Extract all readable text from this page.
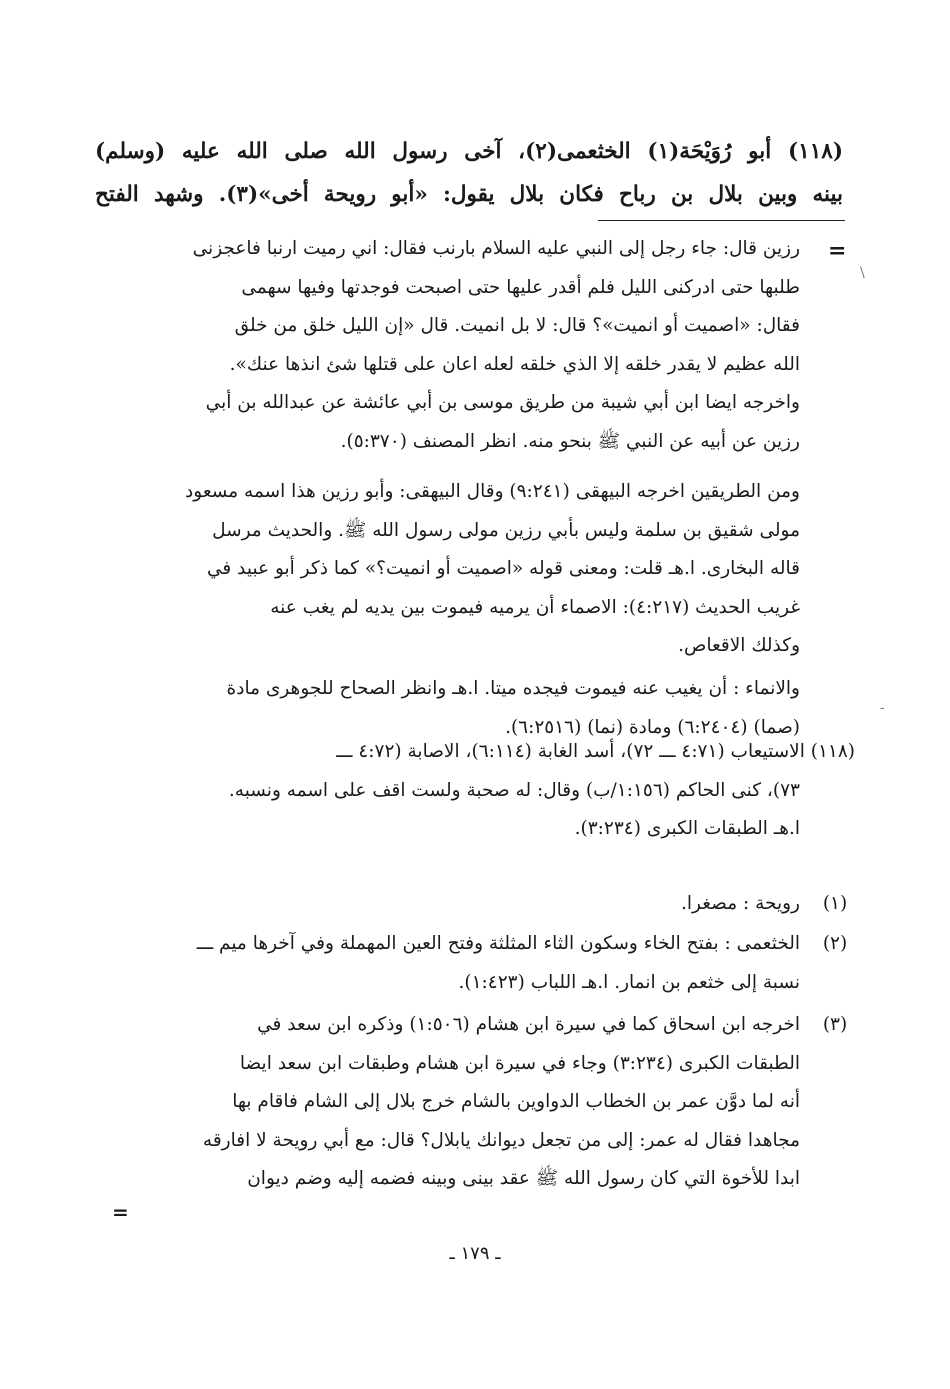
(١١٨) أبو رُوَيْحَة(١) الخثعمى(٢)، آخى رسول الله صلى الله عليه (وسلم)
بينه وبين بلال بن رباح فكان بلال يقول: «أبو رويحة أخى»(٣). وشهد الفتح
=
\
-
رزين قال: جاء رجل إلى النبي عليه السلام بارنب فقال: اني رميت ارنبا فاعجزنى
طلبها حتى ادركنى الليل فلم أقدر عليها حتى اصبحت فوجدتها وفيها سهمى
فقال: «اصميت أو انميت»؟ قال: لا بل انميت. قال «إن الليل خلق من خلق
الله عظيم لا يقدر خلقه إلا الذي خلقه لعله اعان على قتلها شئ انذها عنك».
واخرجه ايضا ابن أبي شيبة من طريق موسى بن أبي عائشة عن عبدالله بن أبي
رزين عن أبيه عن النبي ﷺ بنحو منه. انظر المصنف (٥:٣٧٠).
ومن الطريقين اخرجه البيهقى (٩:٢٤١) وقال البيهقى: وأبو رزين هذا اسمه مسعود
مولى شقيق بن سلمة وليس بأبي رزين مولى رسول الله ﷺ. والحديث مرسل
قاله البخارى. ا.هـ قلت: ومعنى قوله «اصميت أو انميت؟» كما ذكر أبو عبيد في
غريب الحديث (٤:٢١٧): الاصماء أن يرميه فيموت بين يديه لم يغب عنه
وكذلك الاقعاص.
والانماء : أن يغيب عنه فيموت فيجده ميتا. ا.هـ وانظر الصحاح للجوهرى مادة
(صما) (٦:٢٤٠٤) ومادة (نما) (٦:٢٥١٦).
(١١٨) الاستيعاب (٤:٧١ ـــ ٧٢)، أسد الغابة (٦:١١٤)، الاصابة (٤:٧٢ ـــ
٧٣)، كنى الحاكم (١:١٥٦/ب) وقال: له صحبة ولست اقف على اسمه ونسبه.
ا.هـ الطبقات الكبرى (٣:٢٣٤).
(١)
رويحة : مصغرا.
(٢)
الخثعمى : بفتح الخاء وسكون الثاء المثلثة وفتح العين المهملة وفي آخرها ميم ـــ
نسبة إلى خثعم بن انمار. ا.هـ اللباب (١:٤٢٣).
(٣)
اخرجه ابن اسحاق كما في سيرة ابن هشام (١:٥٠٦) وذكره ابن سعد في
الطبقات الكبرى (٣:٢٣٤) وجاء في سيرة ابن هشام وطبقات ابن سعد ايضا
أنه لما دوَّن عمر بن الخطاب الدواوين بالشام خرج بلال إلى الشام فاقام بها
مجاهدا فقال له عمر: إلى من تجعل ديوانك يابلال؟ قال: مع أبي رويحة لا افارقه
ابدا للأخوة التي كان رسول الله ﷺ عقد بينى وبينه فضمه إليه وضم ديوان
=
ـ ١٧٩ ـ
